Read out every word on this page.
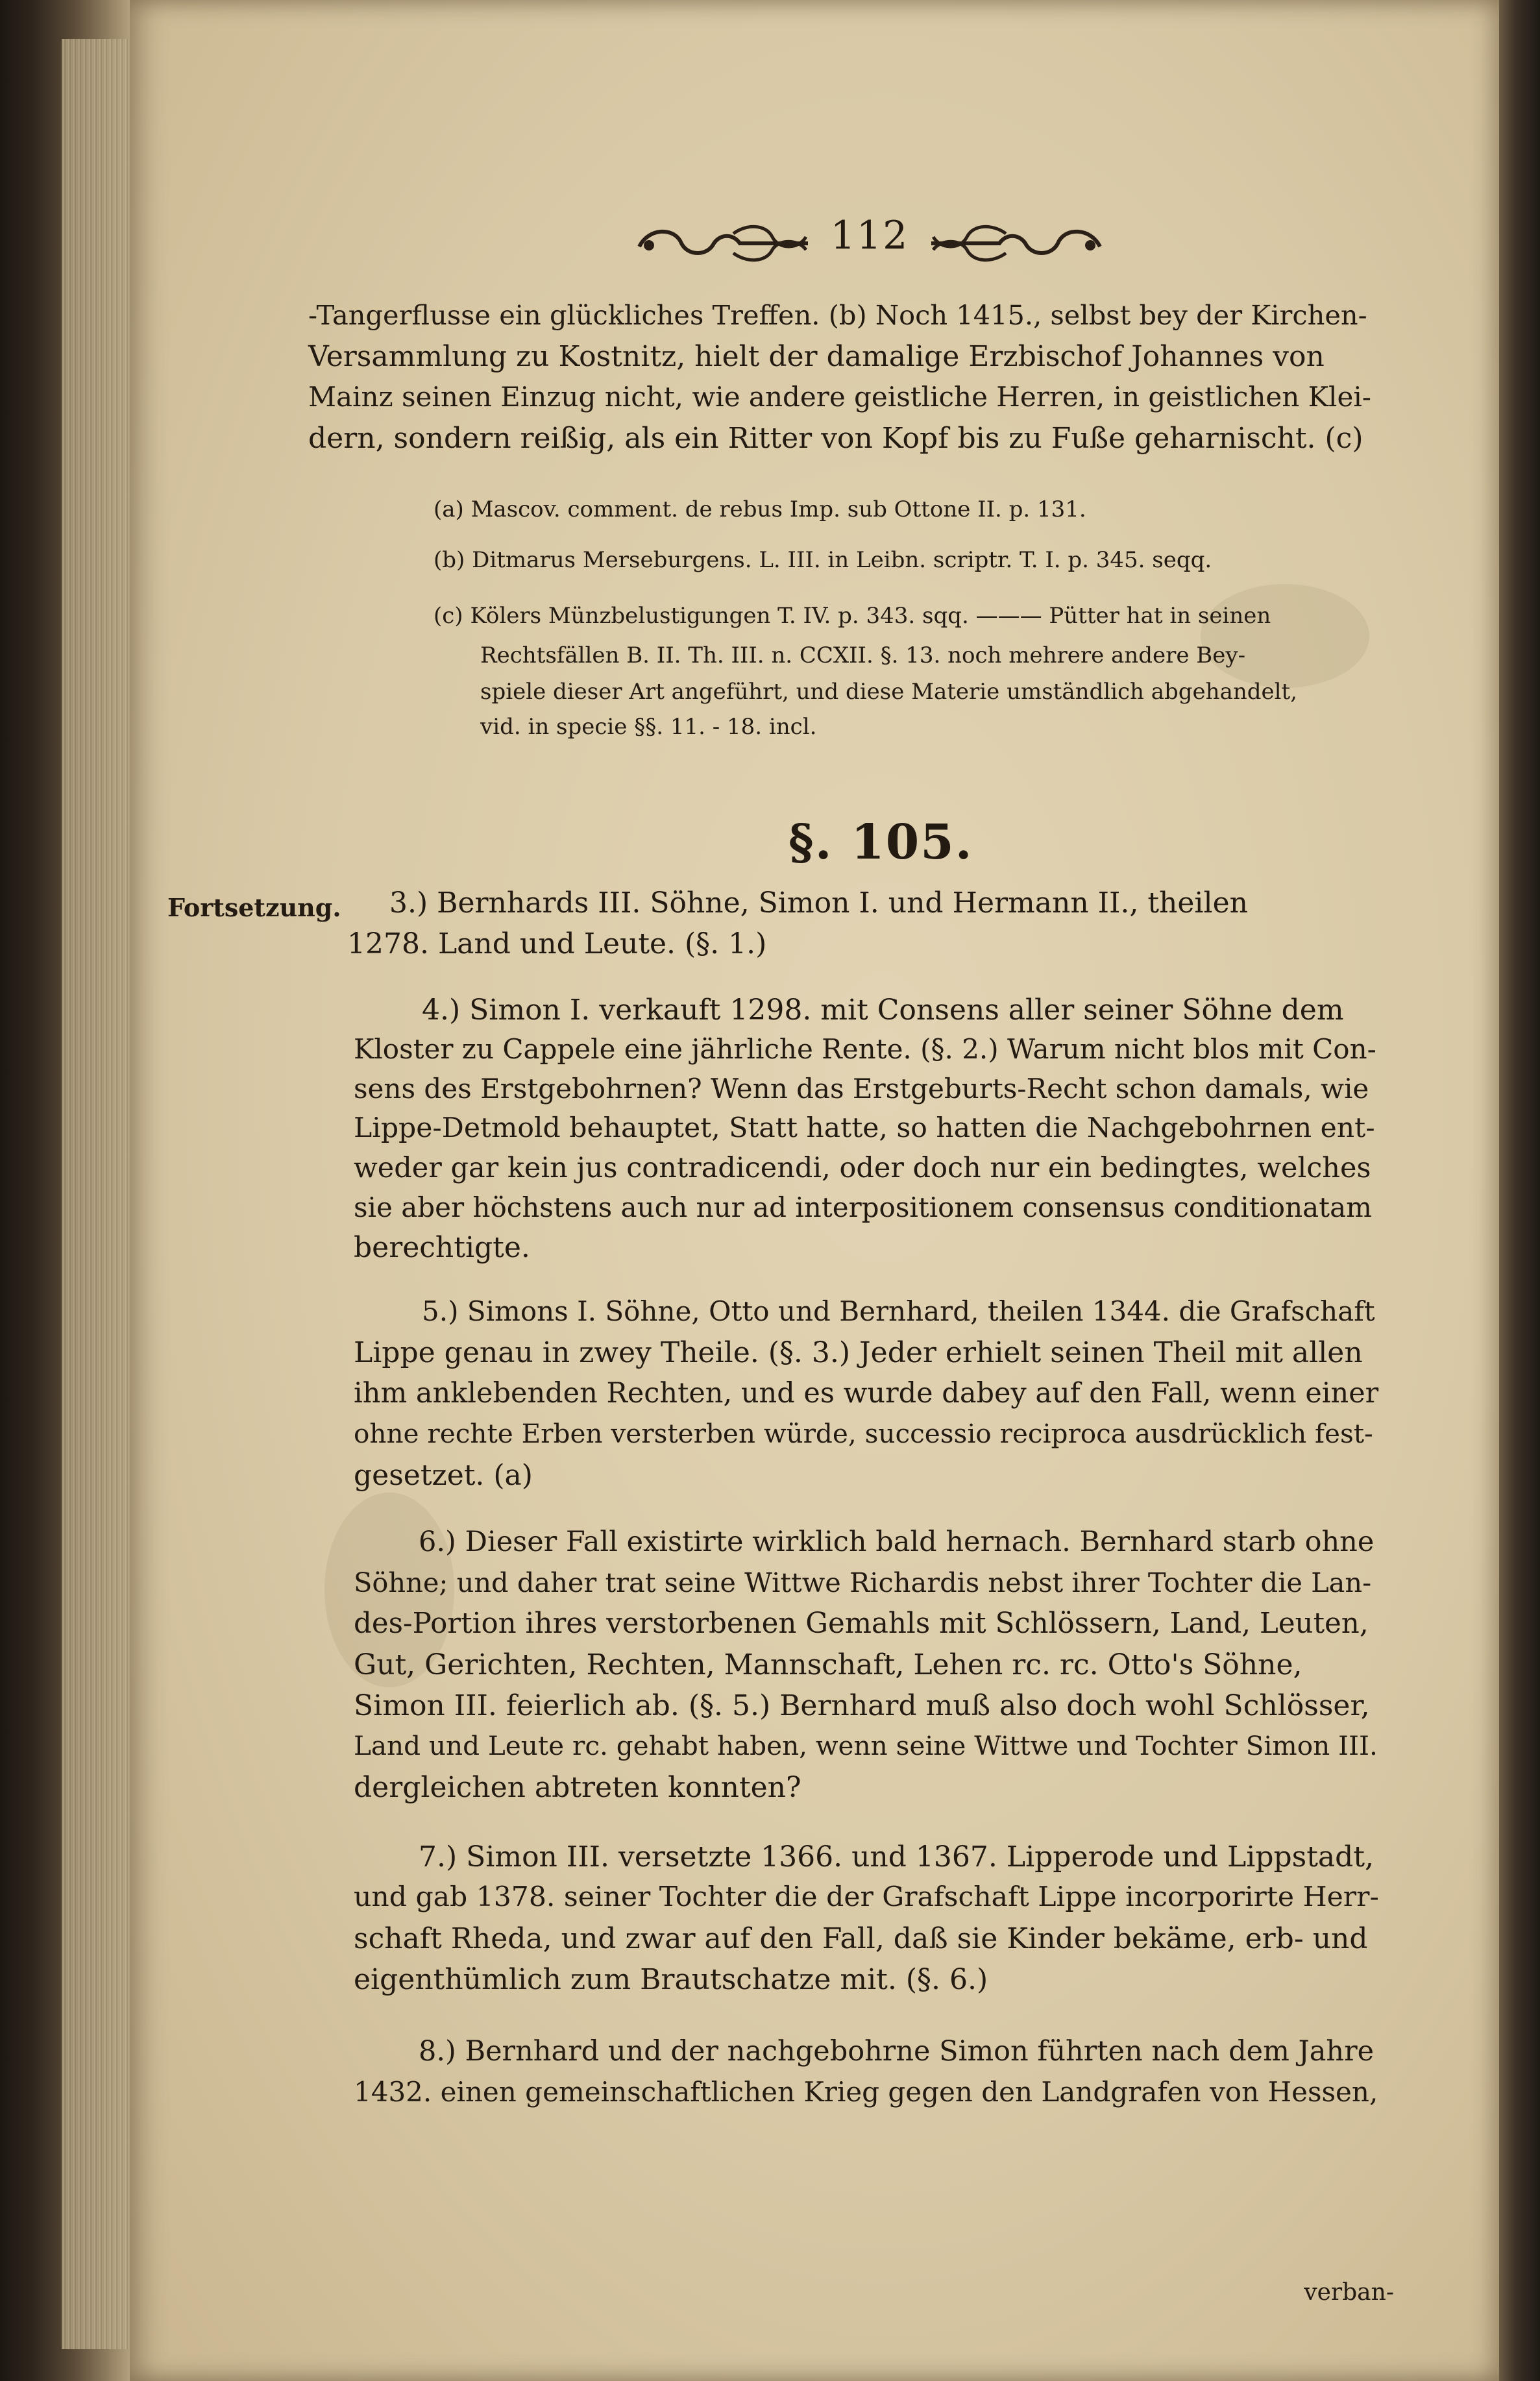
112
-Tangerflusse ein glückliches Treffen. (b) Noch 1415., selbst bey der Kirchen-
Versammlung zu Kostnitz, hielt der damalige Erzbischof Johannes von
Mainz seinen Einzug nicht, wie andere geistliche Herren, in geistlichen Klei-
dern, sondern reißig, als ein Ritter von Kopf bis zu Fuße geharnischt. (c)
(a) Mascov. comment. de rebus Imp. sub Ottone II. p. 131.
(b) Ditmarus Merseburgens. L. III. in Leibn. scriptr. T. I. p. 345. seqq.
(c) Kölers Münzbelustigungen T. IV. p. 343. sqq. ——— Pütter hat in seinen
Rechtsfällen B. II. Th. III. n. CCXII. §. 13. noch mehrere andere Bey-
spiele dieser Art angeführt, und diese Materie umständlich abgehandelt,
vid. in specie §§. 11. - 18. incl.
§. 105.
Fortsetzung. 3.) Bernhards III. Söhne, Simon I. und Hermann II., theilen
1278. Land und Leute. (§. 1.)
4.) Simon I. verkauft 1298. mit Consens aller seiner Söhne dem
Kloster zu Cappele eine jährliche Rente. (§. 2.) Warum nicht blos mit Con-
sens des Erstgebohrnen? Wenn das Erstgeburts-Recht schon damals, wie
Lippe-Detmold behauptet, Statt hatte, so hatten die Nachgebohrnen ent-
weder gar kein jus contradicendi, oder doch nur ein bedingtes, welches
sie aber höchstens auch nur ad interpositionem consensus conditionatam
berechtigte.
5.) Simons I. Söhne, Otto und Bernhard, theilen 1344. die Grafschaft
Lippe genau in zwey Theile. (§. 3.) Jeder erhielt seinen Theil mit allen
ihm anklebenden Rechten, und es wurde dabey auf den Fall, wenn einer
ohne rechte Erben versterben würde, successio reciproca ausdrücklich fest-
gesetzet. (a)
6.) Dieser Fall existirte wirklich bald hernach. Bernhard starb ohne
Söhne; und daher trat seine Wittwe Richardis nebst ihrer Tochter die Lan-
des-Portion ihres verstorbenen Gemahls mit Schlössern, Land, Leuten,
Gut, Gerichten, Rechten, Mannschaft, Lehen rc. rc. Otto's Söhne,
Simon III. feierlich ab. (§. 5.) Bernhard muß also doch wohl Schlösser,
Land und Leute rc. gehabt haben, wenn seine Wittwe und Tochter Simon III.
dergleichen abtreten konnten?
7.) Simon III. versetzte 1366. und 1367. Lipperode und Lippstadt,
und gab 1378. seiner Tochter die der Grafschaft Lippe incorporirte Herr-
schaft Rheda, und zwar auf den Fall, daß sie Kinder bekäme, erb- und
eigenthümlich zum Brautschatze mit. (§. 6.)
8.) Bernhard und der nachgebohrne Simon führten nach dem Jahre
1432. einen gemeinschaftlichen Krieg gegen den Landgrafen von Hessen,
verban-
